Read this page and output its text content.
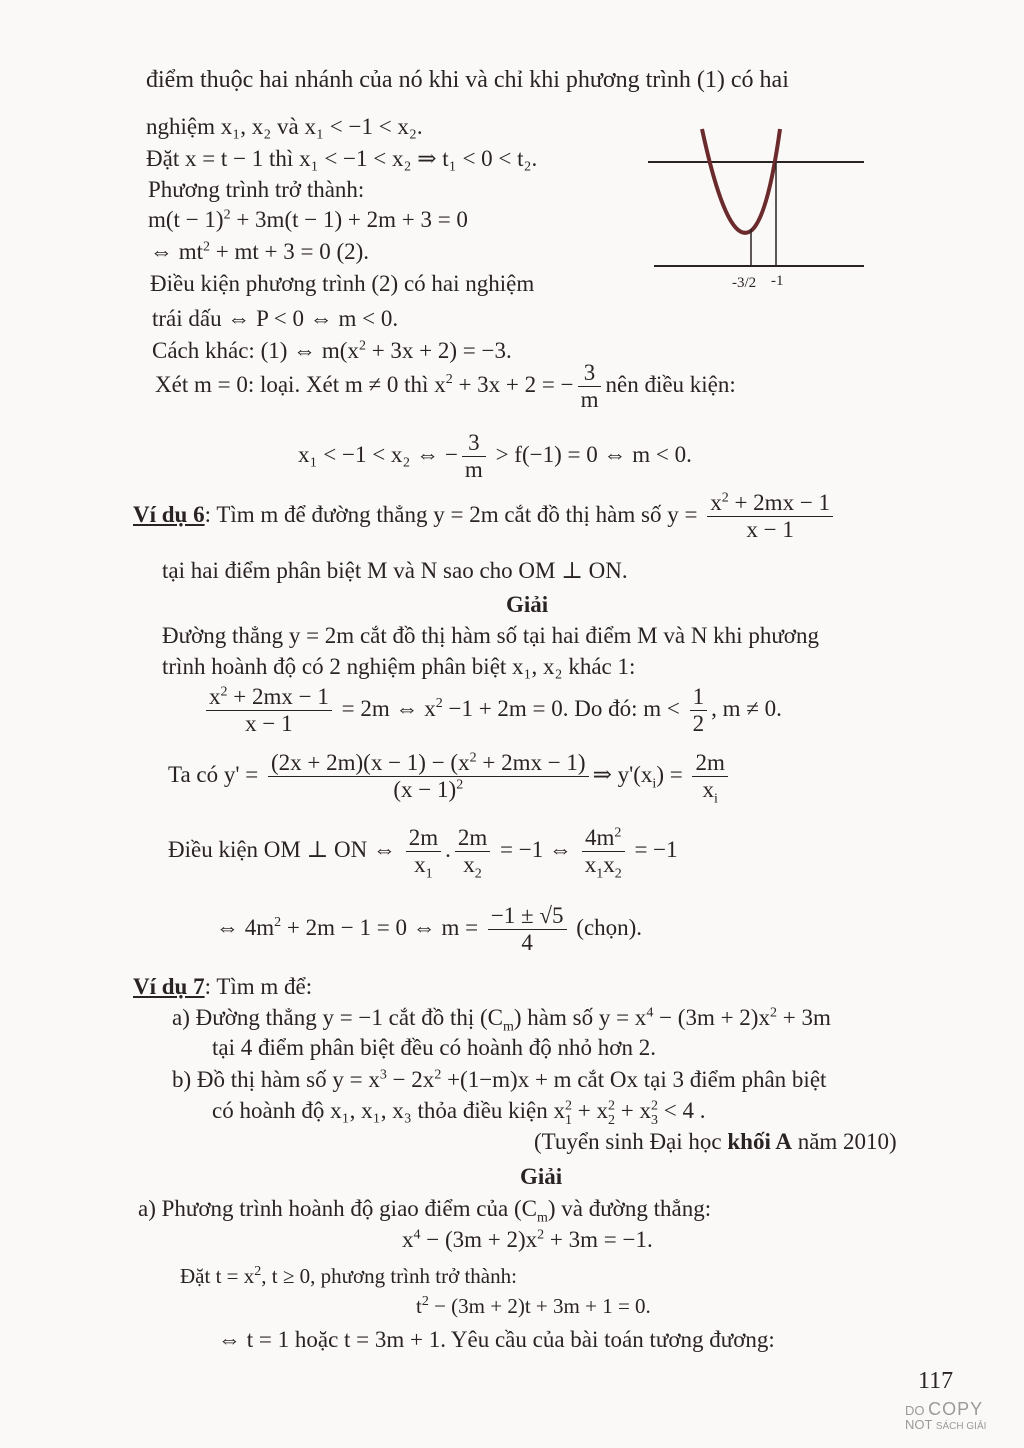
điểm thuộc hai nhánh của nó khi và chỉ khi phương trình (1) có hai
nghiệm x₁, x₂ và x₁ < −1 < x₂.
Đặt x = t − 1 thì x₁ < −1 < x₂ ⇒ t₁ < 0 < t₂.
Phương trình trở thành:
$m(t - 1)^2 + 3m(t - 1) + 2m + 3 = 0$
⇔ $mt^2$ + mt + 3 = 0 (2).
Điều kiện phương trình (2) có hai nghiệm
trái dấu ⇔ P < 0 ⇔ m < 0.
Cách khác: (1) ⇔ $m(x^2 + 3x + 2) = -3$.
Xét m = 0: loại. Xét m ≠ 0 thì $x^2 + 3x + 2$ = − $\frac{3}{m}$ nên điều kiện:
x₁ < −1 < x₂ ⇔ − $\frac{3}{m} > f(-1) = 0$ ⇔ m < 0.
-3/2 -1
Ví dụ 6: Tìm m để đường thẳng y = 2m cắt đồ thị hàm số $y = \frac{x^2 + 2mx - 1}{x - 1}$
tại hai điểm phân biệt M và N sao cho OM ⊥ ON.
Giải
Đường thẳng y = 2m cắt đồ thị hàm số tại hai điểm M và N khi phương
trình hoành độ có 2 nghiệm phân biệt x₁, x₂ khác 1:
$\frac{x^2 + 2mx - 1}{x - 1} = 2m$ ⇔ $x^2 -1 + 2m = 0$. Do đó: $m < \frac{1}{2}$ , m ≠ 0.
Ta có $y' = \frac{(2x + 2m)(x - 1) - (x^2 + 2mx - 1)}{(x - 1)^2}$ ⇒ $y'(x_i) = \frac{2m}{x_i}$
Điều kiện OM ⊥ ON ⇔ $\frac{2m}{x_1}$ . $\frac{2m}{x_2} = -1$ ⇔ $\frac{4m^2}{x_1x_2} = -1$
⇔ $4m^2 + 2m - 1 = 0$ ⇔ $m = \frac{-1 \pm √5}{4}$ (chọn).
Ví dụ 7: Tìm m để:
a) Đường thẳng y = −1 cắt đồ thị $(C_m)$ hàm số $y = x^4 - (3m + 2)x^2 + 3m$
tại 4 điểm phân biệt đều có hoành độ nhỏ hơn 2.
b) Đồ thị hàm số $y = x^3 - 2x^2 +(1-m)x + m$ cắt Ox tại 3 điểm phân biệt
có hoành độ x₁, x₁, x₃ thỏa điều kiện $x^2_1 + x^2_2 + x^2_3 < 4$ .
(Tuyển sinh Đại học khối A năm 2010)
Giải
a) Phương trình hoành độ giao điểm của $(C_m)$ và đường thẳng:
$x^4 - (3m + 2)x^2 + 3m = -1$.
Đặt $t = x^2$, t ≥ 0, phương trình trở thành:
$t^2 - (3m + 2)t + 3m + 1 = 0$.
⇔ t = 1 hoặc t = 3m + 1. Yêu cầu của bài toán tương đương:
117
DO COPY
NOT SÁCH GIẢI
